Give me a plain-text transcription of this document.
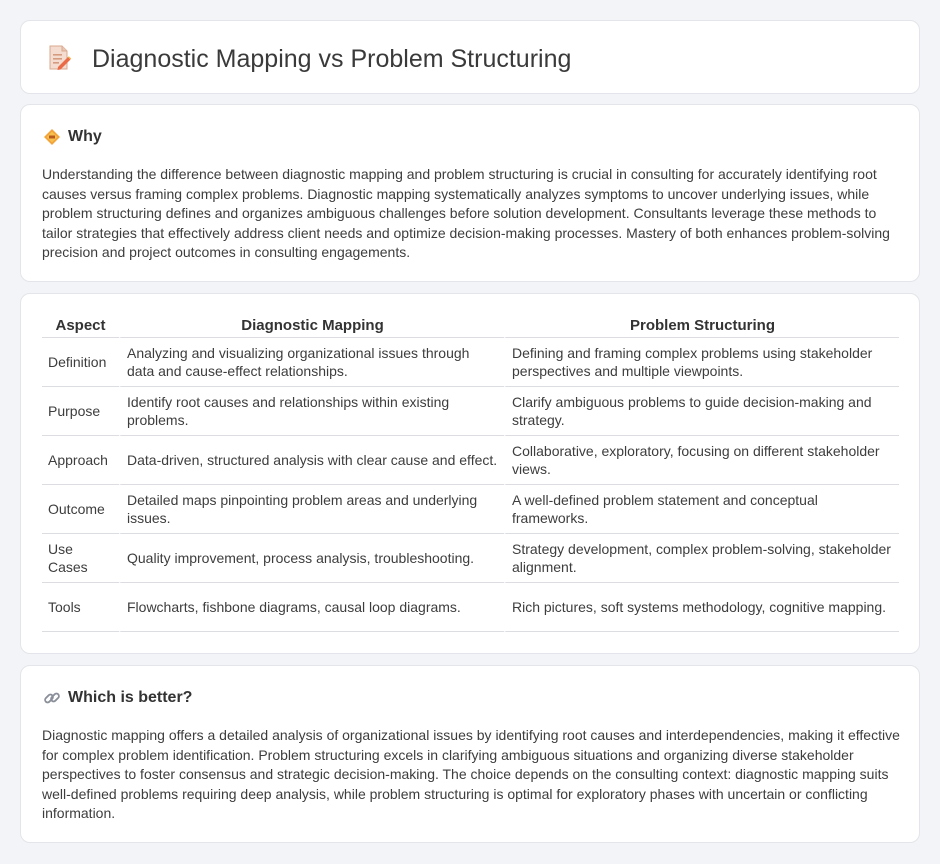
Diagnostic Mapping vs Problem Structuring
Why

Understanding the difference between diagnostic mapping and problem structuring is crucial in consulting for accurately identifying root causes versus framing complex problems. Diagnostic mapping systematically analyzes symptoms to uncover underlying issues, while problem structuring defines and organizes ambiguous challenges before solution development. Consultants leverage these methods to tailor strategies that effectively address client needs and optimize decision-making processes. Mastery of both enhances problem-solving precision and project outcomes in consulting engagements.

Aspect	Diagnostic Mapping	Problem Structuring
Definition	Analyzing and visualizing organizational issues through data and cause-effect relationships.	Defining and framing complex problems using stakeholder perspectives and multiple viewpoints.
Purpose	Identify root causes and relationships within existing problems.	Clarify ambiguous problems to guide decision-making and strategy.
Approach	Data-driven, structured analysis with clear cause and effect.	Collaborative, exploratory, focusing on different stakeholder views.
Outcome	Detailed maps pinpointing problem areas and underlying issues.	A well-defined problem statement and conceptual frameworks.
Use Cases	Quality improvement, process analysis, troubleshooting.	Strategy development, complex problem-solving, stakeholder alignment.
Tools	Flowcharts, fishbone diagrams, causal loop diagrams.	Rich pictures, soft systems methodology, cognitive mapping.
Which is better?

Diagnostic mapping offers a detailed analysis of organizational issues by identifying root causes and interdependencies, making it effective for complex problem identification. Problem structuring excels in clarifying ambiguous situations and organizing diverse stakeholder perspectives to foster consensus and strategic decision-making. The choice depends on the consulting context: diagnostic mapping suits well-defined problems requiring deep analysis, while problem structuring is optimal for exploratory phases with uncertain or conflicting information.
